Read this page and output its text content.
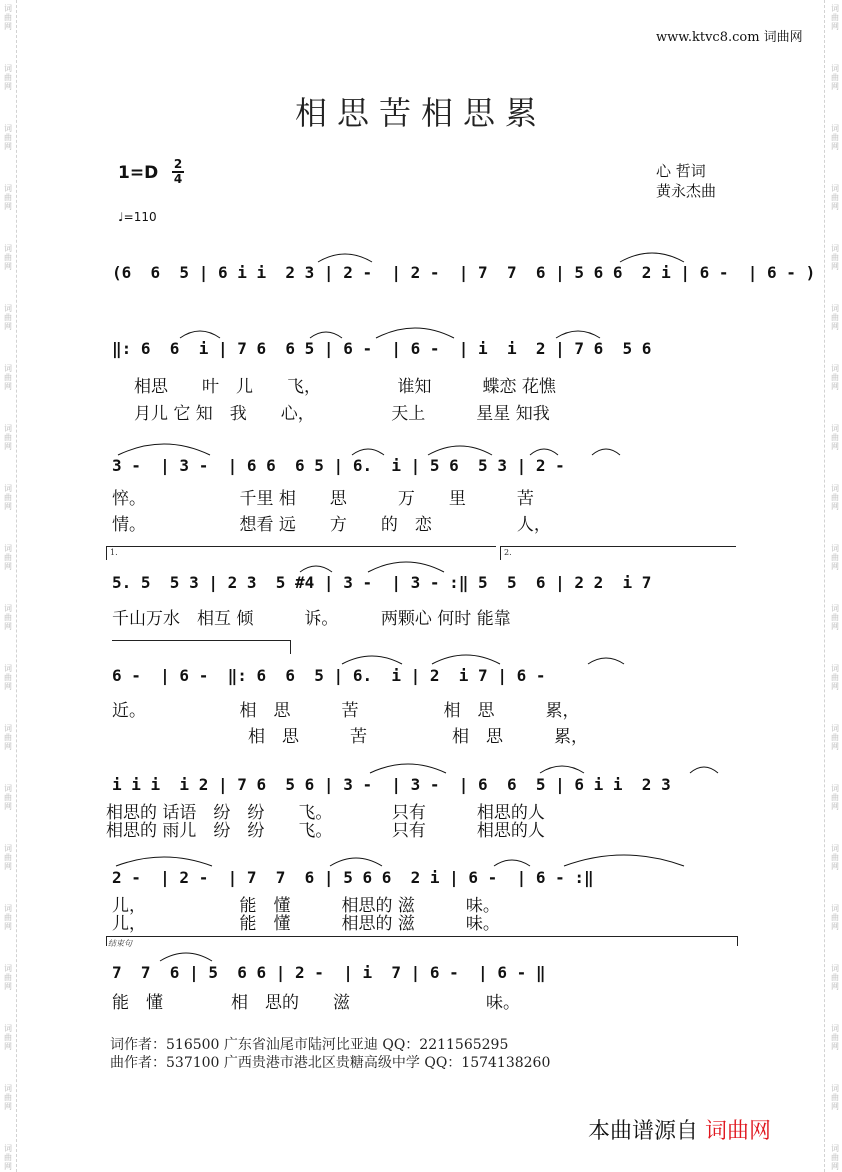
词
曲
网
词
曲
网
词
曲
网
词
曲
网
词
曲
网
词
曲
网
词
曲
网
词
曲
网
词
曲
网
词
曲
网
词
曲
网
词
曲
网
词
曲
网
词
曲
网
词
曲
网
词
曲
网
词
曲
网
词
曲
网
词
曲
网
词
曲
网
词
曲
网
词
曲
网
词
曲
网
词
曲
网
词
曲
网
词
曲
网
词
曲
网
词
曲
网
词
曲
网
词
曲
网
词
曲
网
词
曲
网
词
曲
网
词
曲
网
词
曲
网
词
曲
网
词
曲
网
词
曲
网
词
曲
网
词
曲
网
www.ktvc8.com 词曲网
相思苦相思累
1=D 2
4
♩=110
心 哲词
黄永杰曲
(6  6  5 | 6 i i  2 3 | 2 -  | 2 -  | 7  7  6 | 5 6 6  2 i | 6 -  | 6 - )
‖: 6  6  i | 7 6  6 5 | 6 -  | 6 -  | i  i  2 | 7 6  5 6
相思　　叶　儿　　飞，　　　　　谁知　　　蝶恋 花憔
月儿 它 知　我　　心，　　　　　天上　　　星星 知我
3 -  | 3 -  | 6 6  6 5 | 6.  i | 5 6  5 3 | 2 -
悴。　　　　　　千里 相　　思　　　万　　里　　　苦
情。　　　　　　想看 远　　方　　的　恋　　　　　人，
1.	2.
5. 5  5 3 | 2 3  5 #4 | 3 -  | 3 - :‖ 5  5  6 | 2 2  i 7
千山万水　相互 倾　　　诉。　　　两颗心 何时 能靠
6 -  | 6 -  ‖: 6  6  5 | 6.  i | 2  i 7 | 6 -
近。　　　　　　相　思　　　苦　　　　　相　思　　　累，
　　　　　　　　相　思　　　苦　　　　　相　思　　　累，
i i i  i 2 | 7 6  5 6 | 3 -  | 3 -  | 6  6  5 | 6 i i  2 3
相思的 话语　纷　纷　　飞。　　　　只有　　　相思的人
相思的 雨儿　纷　纷　　飞。　　　　只有　　　相思的人
2 -  | 2 -  | 7  7  6 | 5 6 6  2 i | 6 -  | 6 - :‖
儿，　　　　　　能　懂　　　相思的 滋　　　味。
儿，　　　　　　能　懂　　　相思的 滋　　　味。
结束句
7  7  6 | 5  6 6 | 2 -  | i  7 | 6 -  | 6 - ‖
能　懂　　　　相　思的　　滋　　　　　　　　味。
词作者：516500 广东省汕尾市陆河比亚迪 QQ：2211565295
曲作者：537100 广西贵港市港北区贵糖高级中学 QQ：1574138260
本曲谱源自 词曲网
